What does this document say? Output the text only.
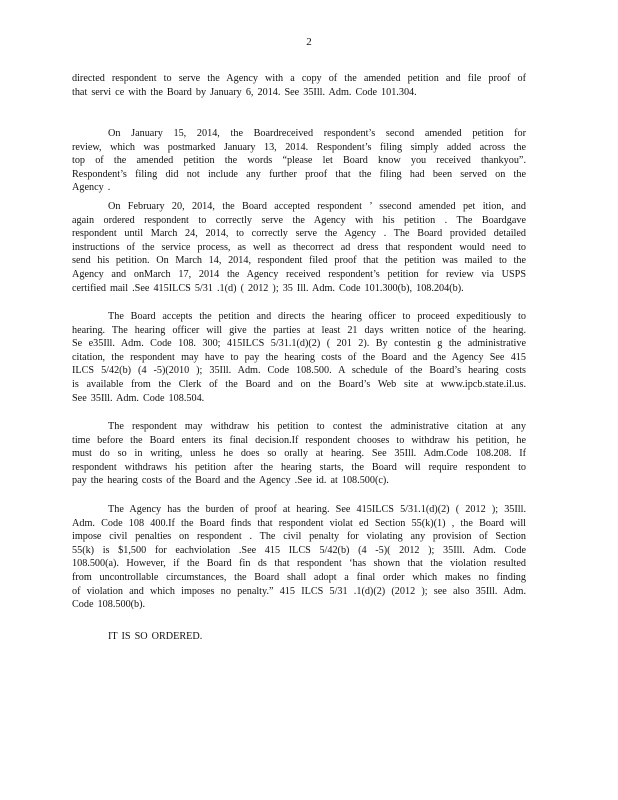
2
directed respondent to serve the Agency with a copy of the amended petition and file proof of
that servi ce with the Board by January 6, 2014. See 35Ill. Adm. Code 101.304.
On January 15, 2014, the Boardreceived respondent’s second amended petition for
review, which was postmarked January 13, 2014. Respondent’s filing simply added across the
top of the amended petition the words “please let Board know you received thankyou”.
Respondent’s filing did not include any further proof that the filing had been served on the
Agency .
On February 20, 2014, the Board accepted respondent ’ ssecond amended pet ition, and
again ordered respondent to correctly serve the Agency with his petition . The Boardgave
respondent until March 24, 2014, to correctly serve the Agency . The Board provided detailed
instructions of the service process, as well as thecorrect ad dress that respondent would need to
send his petition. On March 14, 2014, respondent filed proof that the petition was mailed to the
Agency and onMarch 17, 2014 the Agency received respondent’s petition for review via USPS
certified mail .See 415ILCS 5/31 .1(d) ( 2012 ); 35 Ill. Adm. Code 101.300(b), 108.204(b).
The Board accepts the petition and directs the hearing officer to proceed expeditiously to
hearing. The hearing officer will give the parties at least 21 days written notice of the hearing.
Se e35Ill. Adm. Code 108. 300; 415ILCS 5/31.1(d)(2) ( 201 2). By contestin g the administrative
citation, the respondent may have to pay the hearing costs of the Board and the Agency See 415
ILCS 5/42(b) (4 -5)(2010 ); 35Ill. Adm. Code 108.500. A schedule of the Board’s hearing costs
is available from the Clerk of the Board and on the Board’s Web site at www.ipcb.state.il.us.
See 35Ill. Adm. Code 108.504.
The respondent may withdraw his petition to contest the administrative citation at any
time before the Board enters its final decision.If respondent chooses to withdraw his petition, he
must do so in writing, unless he does so orally at hearing. See 35Ill. Adm.Code 108.208. If
respondent withdraws his petition after the hearing starts, the Board will require respondent to
pay the hearing costs of the Board and the Agency .See id. at 108.500(c).
The Agency has the burden of proof at hearing. See 415ILCS 5/31.1(d)(2) ( 2012 ); 35Ill.
Adm. Code 108 400.If the Board finds that respondent violat ed Section 55(k)(1) , the Board will
impose civil penalties on respondent . The civil penalty for violating any provision of Section
55(k) is $1,500 for eachviolation .See 415 ILCS 5/42(b) (4 -5)( 2012 ); 35Ill. Adm. Code
108.500(a). However, if the Board fin ds that respondent ‘has shown that the violation resulted
from uncontrollable circumstances, the Board shall adopt a final order which makes no finding
of violation and which imposes no penalty.” 415 ILCS 5/31 .1(d)(2) (2012 ); see also 35Ill. Adm.
Code 108.500(b).
IT IS SO ORDERED.
